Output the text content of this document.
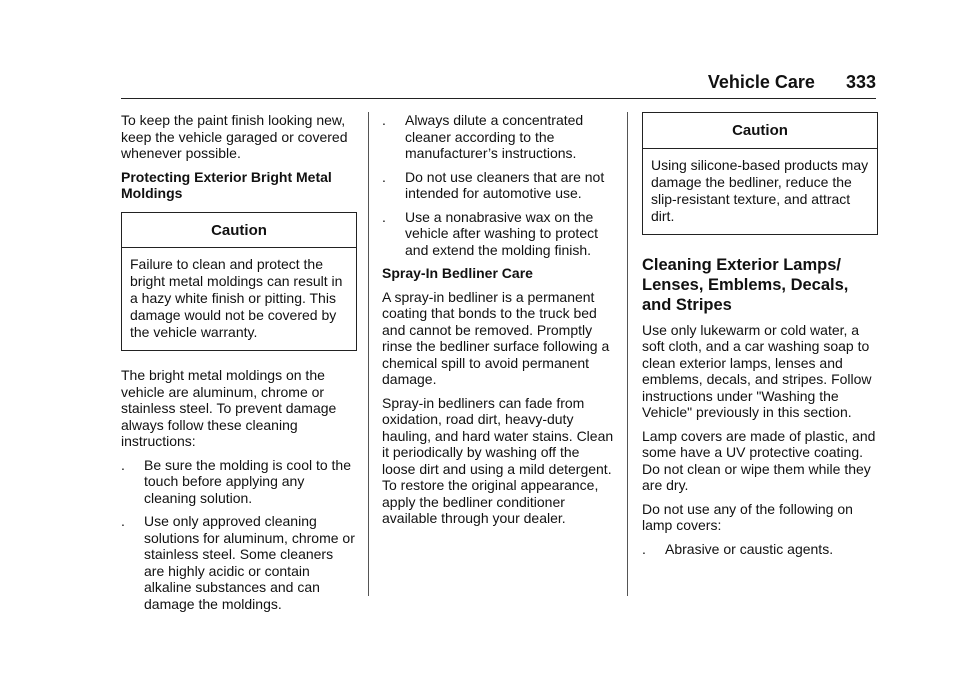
Vehicle Care 333

To keep the paint finish looking new, keep the vehicle garaged or covered whenever possible.

Protecting Exterior Bright Metal Moldings

Caution
Failure to clean and protect the bright metal moldings can result in a hazy white finish or pitting. This damage would not be covered by the vehicle warranty.

The bright metal moldings on the vehicle are aluminum, chrome or stainless steel. To prevent damage always follow these cleaning instructions:

. Be sure the molding is cool to the touch before applying any cleaning solution.
. Use only approved cleaning solutions for aluminum, chrome or stainless steel. Some cleaners are highly acidic or contain alkaline substances and can damage the moldings.
. Always dilute a concentrated cleaner according to the manufacturer’s instructions.
. Do not use cleaners that are not intended for automotive use.
. Use a nonabrasive wax on the vehicle after washing to protect and extend the molding finish.

Spray-In Bedliner Care

A spray-in bedliner is a permanent coating that bonds to the truck bed and cannot be removed. Promptly rinse the bedliner surface following a chemical spill to avoid permanent damage.

Spray-in bedliners can fade from oxidation, road dirt, heavy-duty hauling, and hard water stains. Clean it periodically by washing off the loose dirt and using a mild detergent. To restore the original appearance, apply the bedliner conditioner available through your dealer.

Caution
Using silicone-based products may damage the bedliner, reduce the slip-resistant texture, and attract dirt.
Cleaning Exterior Lamps/ Lenses, Emblems, Decals, and Stripes

Use only lukewarm or cold water, a soft cloth, and a car washing soap to clean exterior lamps, lenses and emblems, decals, and stripes. Follow instructions under "Washing the Vehicle" previously in this section.

Lamp covers are made of plastic, and some have a UV protective coating. Do not clean or wipe them while they are dry.

Do not use any of the following on lamp covers:

. Abrasive or caustic agents.
